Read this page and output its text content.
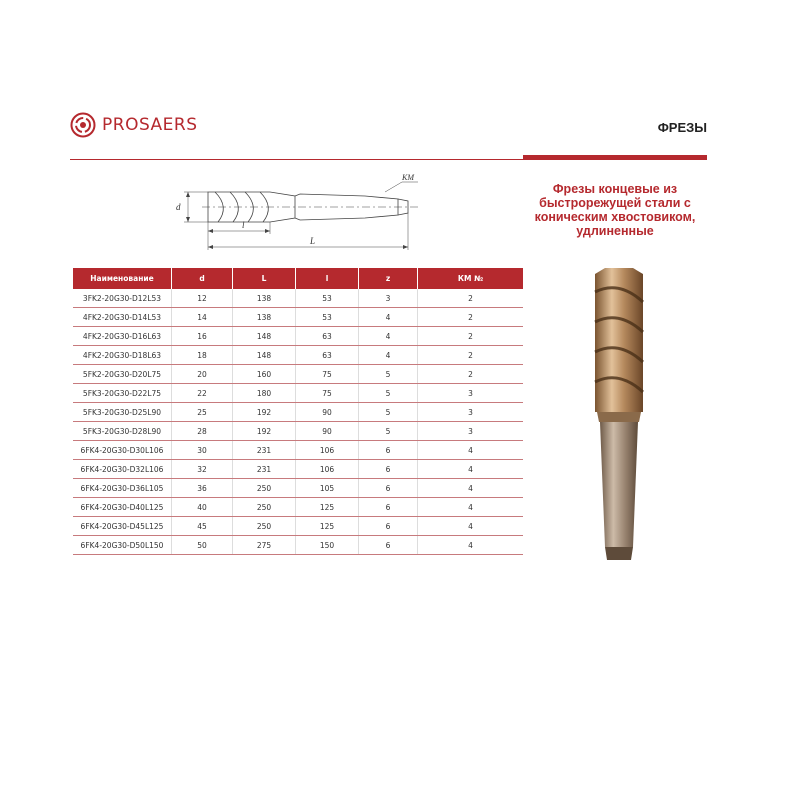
PROSAERS	ФРЕЗЫ
KM
d
l
L
Фрезы концевые из быстрорежущей стали с коническим хвостовиком, удлиненные
Наименование	d	L	l	z	КМ №
3FK2-20G30-D12L53	12	138	53	3	2
4FK2-20G30-D14L53	14	138	53	4	2
4FK2-20G30-D16L63	16	148	63	4	2
4FK2-20G30-D18L63	18	148	63	4	2
5FK2-20G30-D20L75	20	160	75	5	2
5FK3-20G30-D22L75	22	180	75	5	3
5FK3-20G30-D25L90	25	192	90	5	3
5FK3-20G30-D28L90	28	192	90	5	3
6FK4-20G30-D30L106	30	231	106	6	4
6FK4-20G30-D32L106	32	231	106	6	4
6FK4-20G30-D36L105	36	250	105	6	4
6FK4-20G30-D40L125	40	250	125	6	4
6FK4-20G30-D45L125	45	250	125	6	4
6FK4-20G30-D50L150	50	275	150	6	4
